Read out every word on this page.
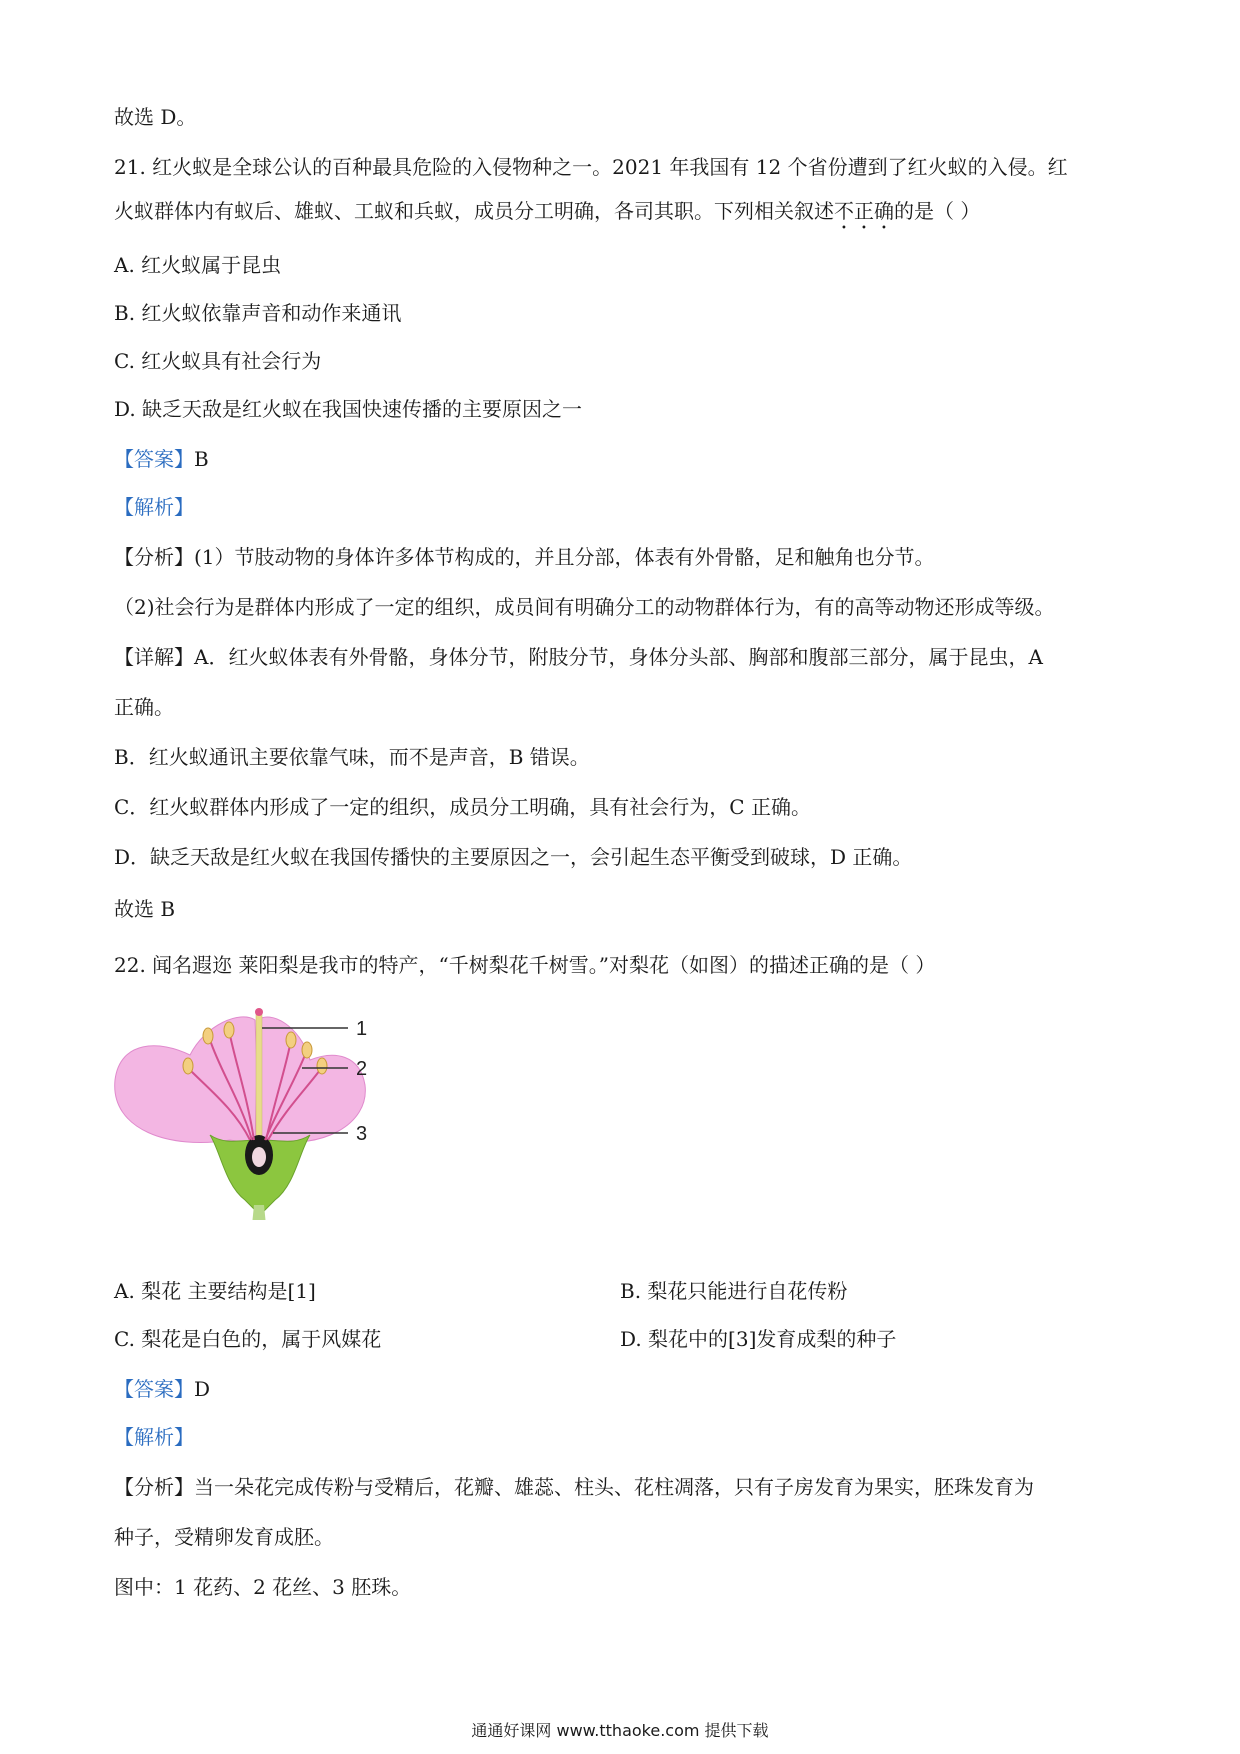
故选 D。
21. 红火蚁是全球公认的百种最具危险的入侵物种之一。2021 年我国有 12 个省份遭到了红火蚁的入侵。红
火蚁群体内有蚁后、雄蚁、工蚁和兵蚁，成员分工明确，各司其职。下列相关叙述不正确的是（ ）
A. 红火蚁属于昆虫
B. 红火蚁依靠声音和动作来通讯
C. 红火蚁具有社会行为
D. 缺乏天敌是红火蚁在我国快速传播的主要原因之一
【答案】B
【解析】
【分析】(1）节肢动物的身体许多体节构成的，并且分部，体表有外骨骼，足和触角也分节。
（2)社会行为是群体内形成了一定的组织，成员间有明确分工的动物群体行为，有的高等动物还形成等级。
【详解】A．红火蚁体表有外骨骼，身体分节，附肢分节，身体分头部、胸部和腹部三部分，属于昆虫，A
正确。
B．红火蚁通讯主要依靠气味，而不是声音，B 错误。
C．红火蚁群体内形成了一定的组织，成员分工明确，具有社会行为，C 正确。
D．缺乏天敌是红火蚁在我国传播快的主要原因之一，会引起生态平衡受到破球，D 正确。
故选 B
22. 闻名遐迩 莱阳梨是我市的特产，“千树梨花千树雪。”对梨花（如图）的描述正确的是（ ）
1
2
3
A. 梨花 主要结构是[1]	B. 梨花只能进行自花传粉
C. 梨花是白色的，属于风媒花	D. 梨花中的[3]发育成梨的种子
【答案】D
【解析】
【分析】当一朵花完成传粉与受精后，花瓣、雄蕊、柱头、花柱凋落，只有子房发育为果实，胚珠发育为
种子，受精卵发育成胚。
图中：1 花药、2 花丝、3 胚珠。
通通好课网 www.tthaoke.com 提供下载
